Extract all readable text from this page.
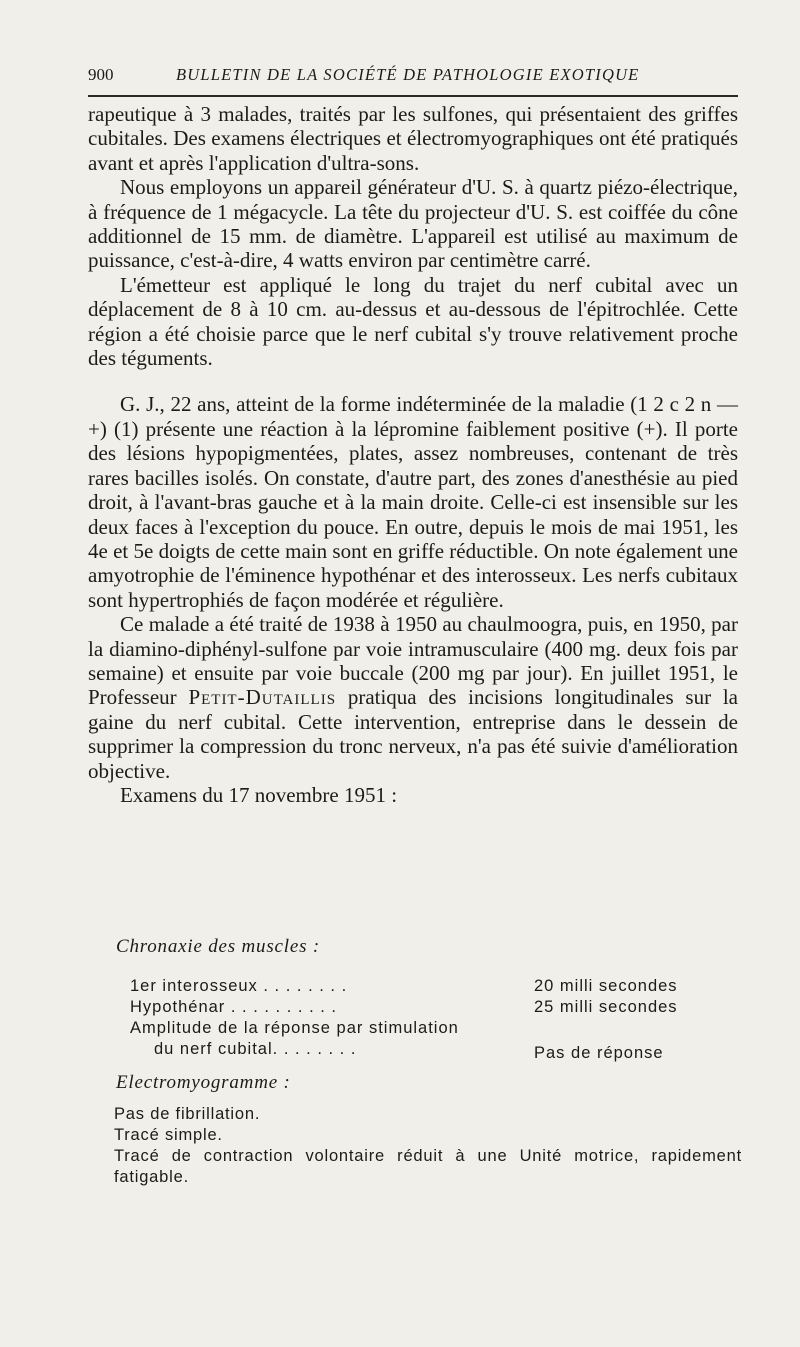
900	BULLETIN DE LA SOCIÉTÉ DE PATHOLOGIE EXOTIQUE

rapeutique à 3 malades, traités par les sulfones, qui présentaient des griffes cubitales. Des examens électriques et électromyographiques ont été pratiqués avant et après l'application d'ultra-sons.

Nous employons un appareil générateur d'U. S. à quartz piézo-électrique, à fréquence de 1 mégacycle. La tête du projecteur d'U. S. est coiffée du cône additionnel de 15 mm. de diamètre. L'appareil est utilisé au maximum de puissance, c'est-à-dire, 4 watts environ par centimètre carré.

L'émetteur est appliqué le long du trajet du nerf cubital avec un déplacement de 8 à 10 cm. au-dessus et au-dessous de l'épitrochlée. Cette région a été choisie parce que le nerf cubital s'y trouve relativement proche des téguments.

G. J., 22 ans, atteint de la forme indéterminée de la maladie (1 2 c 2 n — +) (1) présente une réaction à la lépromine faiblement positive (+). Il porte des lésions hypopigmentées, plates, assez nombreuses, contenant de très rares bacilles isolés. On constate, d'autre part, des zones d'anesthésie au pied droit, à l'avant-bras gauche et à la main droite. Celle-ci est insensible sur les deux faces à l'exception du pouce. En outre, depuis le mois de mai 1951, les 4e et 5e doigts de cette main sont en griffe réductible. On note également une amyotrophie de l'éminence hypothénar et des interosseux. Les nerfs cubitaux sont hypertrophiés de façon modérée et régulière.

Ce malade a été traité de 1938 à 1950 au chaulmoogra, puis, en 1950, par la diamino-diphényl-sulfone par voie intramusculaire (400 mg. deux fois par semaine) et ensuite par voie buccale (200 mg par jour). En juillet 1951, le Professeur Petit-Dutaillis pratiqua des incisions longitudinales sur la gaine du nerf cubital. Cette intervention, entreprise dans le dessein de supprimer la compression du tronc nerveux, n'a pas été suivie d'amélioration objective.

Examens du 17 novembre 1951 :

Chronaxie des muscles :
1er interosseux . . . . . . . .	20 milli secondes
Hypothénar . . . . . . . . . .	25 milli secondes
Amplitude de la réponse par stimulation
du nerf cubital. . . . . . . .	Pas de réponse
Electromyogramme :

Pas de fibrillation.

Tracé simple.

Tracé de contraction volontaire réduit à une Unité motrice, rapidement fatigable.
